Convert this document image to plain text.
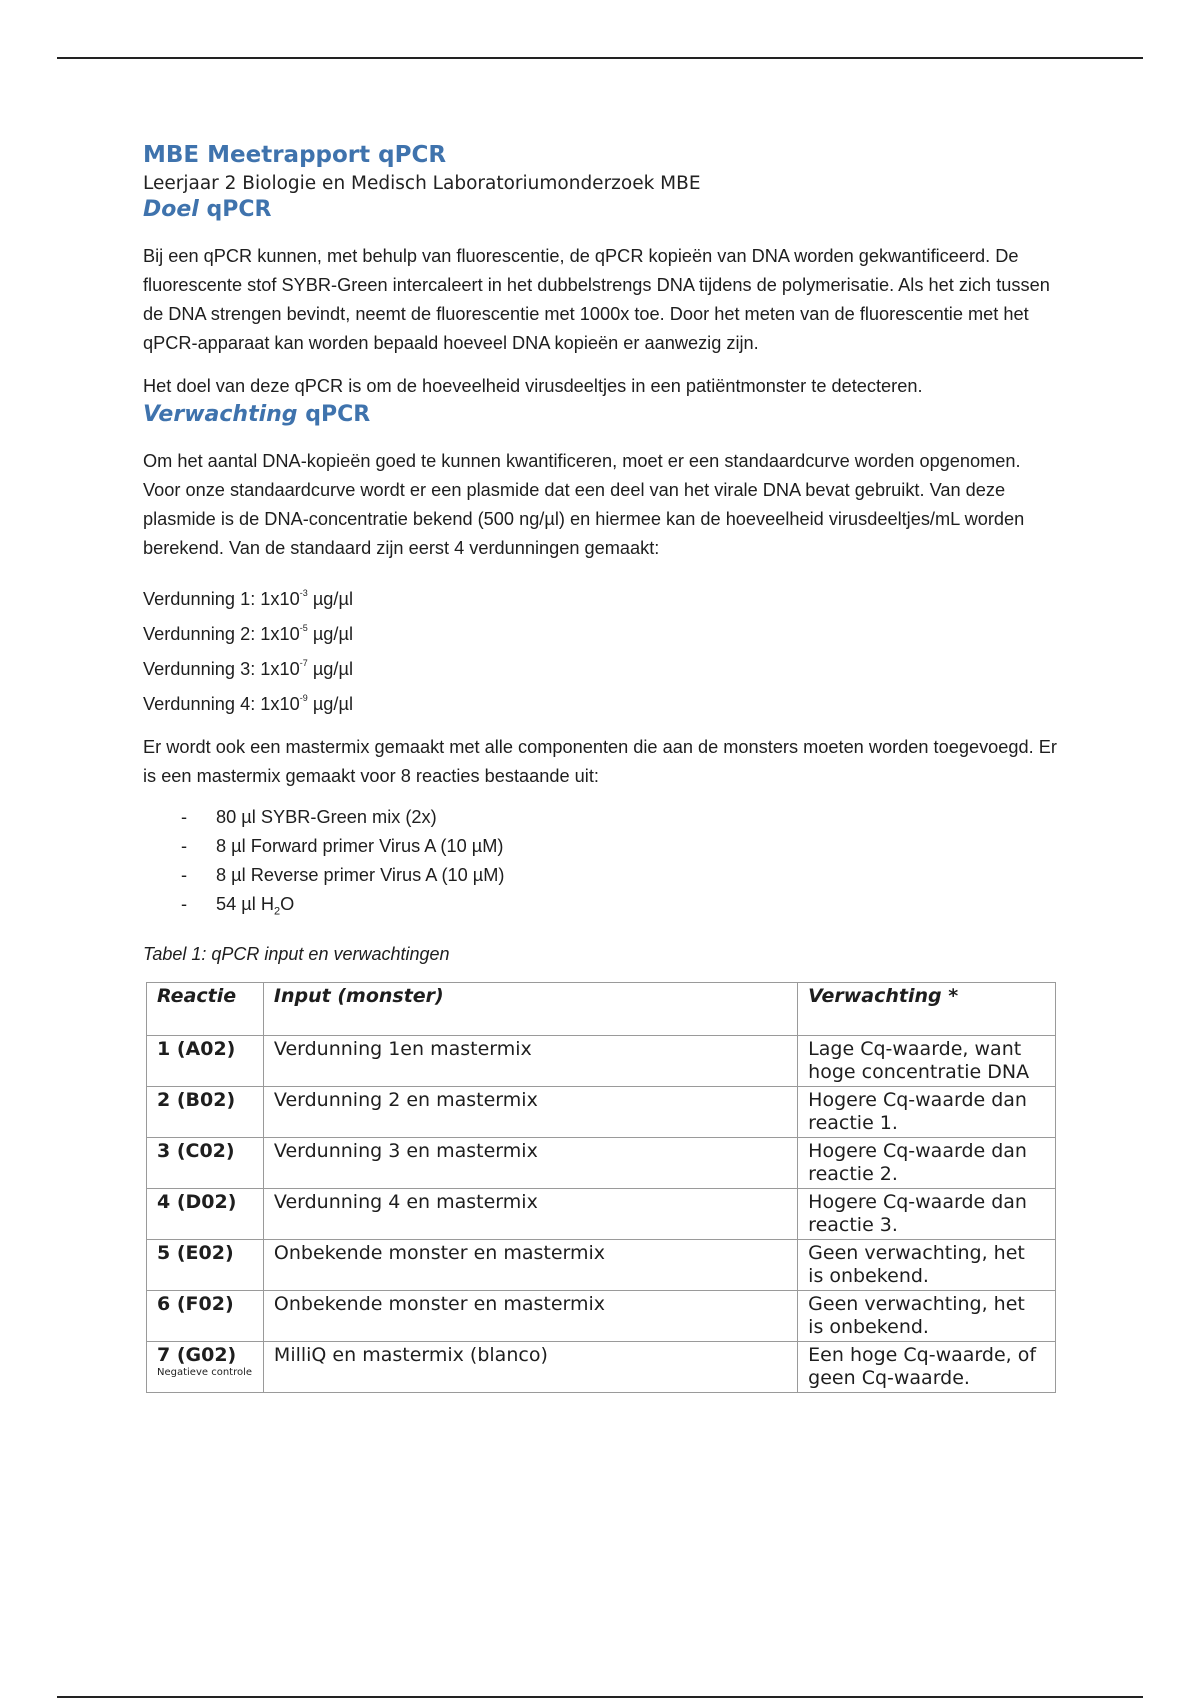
MBE Meetrapport qPCR
Leerjaar 2 Biologie en Medisch Laboratoriumonderzoek MBE
Doel qPCR

Bij een qPCR kunnen, met behulp van fluorescentie, de qPCR kopieën van DNA worden gekwantificeerd. De fluorescente stof SYBR-Green intercaleert in het dubbelstrengs DNA tijdens de polymerisatie. Als het zich tussen de DNA strengen bevindt, neemt de fluorescentie met 1000x toe. Door het meten van de fluorescentie met het qPCR-apparaat kan worden bepaald hoeveel DNA kopieën er aanwezig zijn.

Het doel van deze qPCR is om de hoeveelheid virusdeeltjes in een patiëntmonster te detecteren.

Verwachting qPCR

Om het aantal DNA-kopieën goed te kunnen kwantificeren, moet er een standaardcurve worden opgenomen. Voor onze standaardcurve wordt er een plasmide dat een deel van het virale DNA bevat gebruikt. Van deze plasmide is de DNA-concentratie bekend (500 ng/µl) en hiermee kan de hoeveelheid virusdeeltjes/mL worden berekend. Van de standaard zijn eerst 4 verdunningen gemaakt:

Verdunning 1: $1x10^{-3}$ µg/µl
Verdunning 2: $1x10^{-5}$ µg/µl
Verdunning 3: $1x10^{-7}$ µg/µl
Verdunning 4: $1x10^{-9}$ µg/µl

Er wordt ook een mastermix gemaakt met alle componenten die aan de monsters moeten worden toegevoegd. Er is een mastermix gemaakt voor 8 reacties bestaande uit:

- 80 µl SYBR-Green mix (2x)
- 8 µl Forward primer Virus A (10 µM)
- 8 µl Reverse primer Virus A (10 µM)
- 54 µl $H_2O$
Tabel 1: qPCR input en verwachtingen
Reactie	Input (monster)	Verwachting *
1 (A02)	Verdunning 1en mastermix	Lage Cq-waarde, want hoge concentratie DNA
2 (B02)	Verdunning 2 en mastermix	Hogere Cq-waarde dan reactie 1.
3 (C02)	Verdunning 3 en mastermix	Hogere Cq-waarde dan reactie 2.
4 (D02)	Verdunning 4 en mastermix	Hogere Cq-waarde dan reactie 3.
5 (E02)	Onbekende monster en mastermix	Geen verwachting, het is onbekend.
6 (F02)	Onbekende monster en mastermix	Geen verwachting, het is onbekend.
7 (G02)
Negatieve controle	MilliQ en mastermix (blanco)	Een hoge Cq-waarde, of geen Cq-waarde.
